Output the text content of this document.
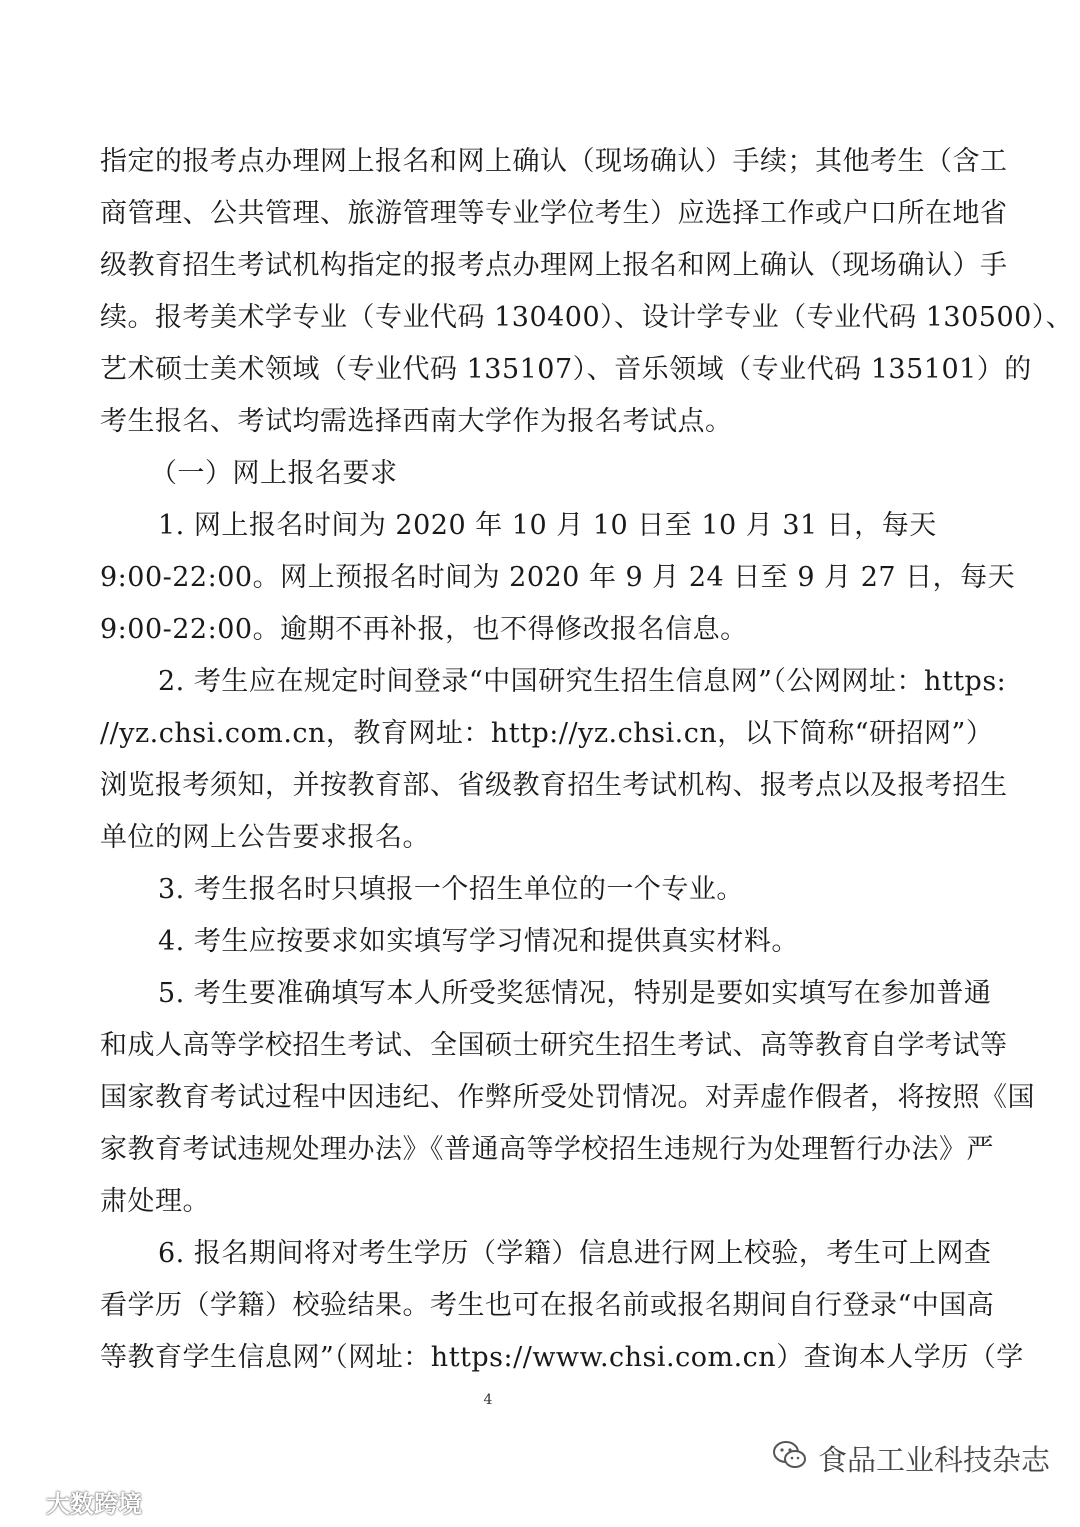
指定的报考点办理网上报名和网上确认（现场确认）手续；其他考生（含工
商管理、公共管理、旅游管理等专业学位考生）应选择工作或户口所在地省
级教育招生考试机构指定的报考点办理网上报名和网上确认（现场确认）手
续。报考美术学专业（专业代码 130400）、设计学专业（专业代码 130500）、
艺术硕士美术领域（专业代码 135107）、音乐领域（专业代码 135101）的
考生报名、考试均需选择西南大学作为报名考试点。
（一）网上报名要求
1. 网上报名时间为 2020 年 10 月 10 日至 10 月 31 日，每天
9:00-22:00。网上预报名时间为 2020 年 9 月 24 日至 9 月 27 日，每天
9:00-22:00。逾期不再补报，也不得修改报名信息。
2. 考生应在规定时间登录“中国研究生招生信息网”（公网网址：https:
//yz.chsi.com.cn，教育网址：http://yz.chsi.cn，以下简称“研招网”）
浏览报考须知，并按教育部、省级教育招生考试机构、报考点以及报考招生
单位的网上公告要求报名。
3. 考生报名时只填报一个招生单位的一个专业。
4. 考生应按要求如实填写学习情况和提供真实材料。
5. 考生要准确填写本人所受奖惩情况，特别是要如实填写在参加普通
和成人高等学校招生考试、全国硕士研究生招生考试、高等教育自学考试等
国家教育考试过程中因违纪、作弊所受处罚情况。对弄虚作假者，将按照《国
家教育考试违规处理办法》《普通高等学校招生违规行为处理暂行办法》严
肃处理。
6. 报名期间将对考生学历（学籍）信息进行网上校验，考生可上网查
看学历（学籍）校验结果。考生也可在报名前或报名期间自行登录“中国高
等教育学生信息网”（网址：https://www.chsi.com.cn）查询本人学历（学
4
食品工业科技杂志
大数跨境
